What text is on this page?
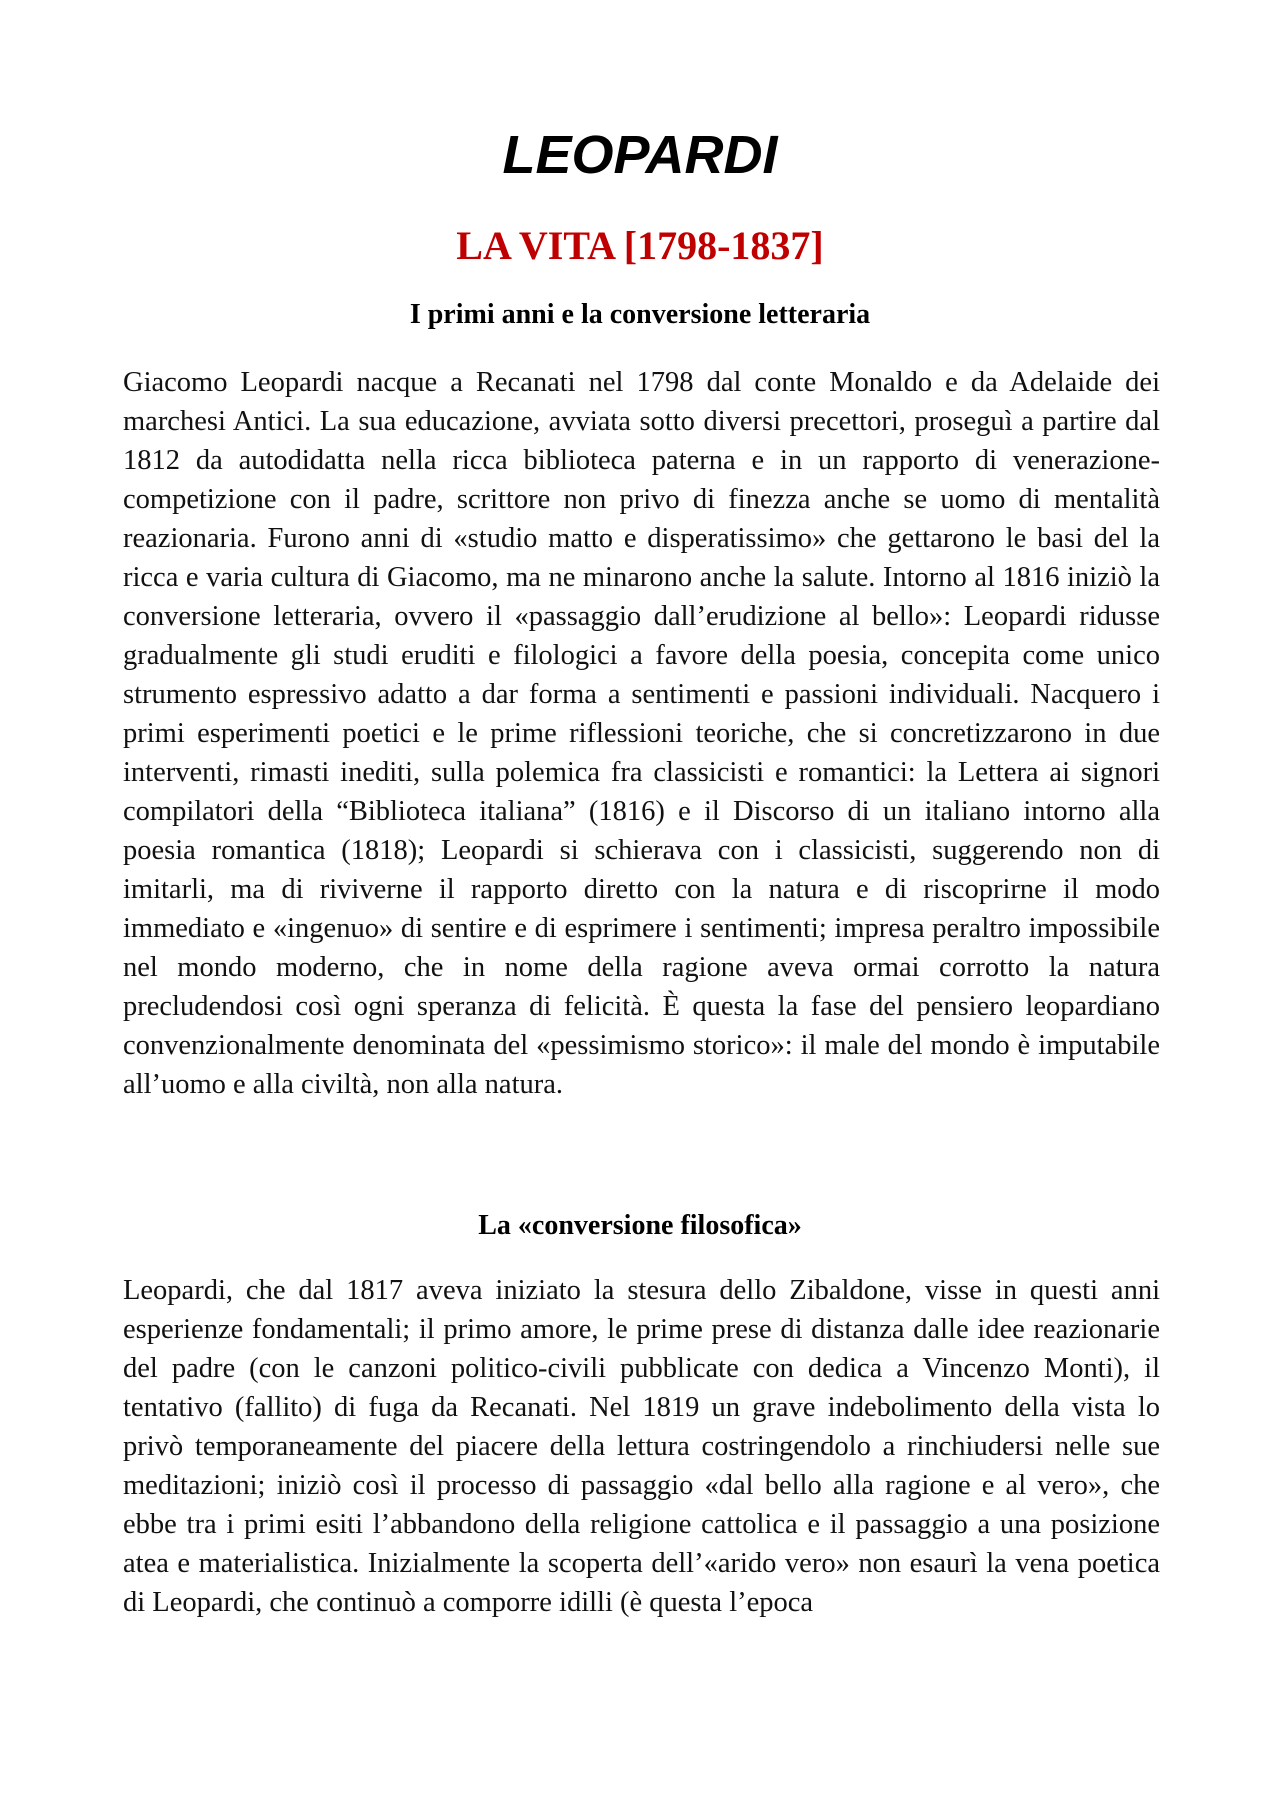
LEOPARDI
LA VITA [1798-1837]
I primi anni e la conversione letteraria

Giacomo Leopardi nacque a Recanati nel 1798 dal conte Monaldo e da Adelaide dei marchesi Antici. La sua educazione, avviata sotto diversi precettori, proseguì a partire dal 1812 da autodidatta nella ricca biblioteca paterna e in un rapporto di venerazione-competizione con il padre, scrittore non privo di finezza anche se uomo di mentalità reazionaria. Furono anni di «studio matto e disperatissimo» che gettarono le basi del la ricca e varia cultura di Giacomo, ma ne minarono anche la salute. Intorno al 1816 iniziò la conversione letteraria, ovvero il «passaggio dall’erudizione al bello»: Leopardi ridusse gradualmente gli studi eruditi e filologici a favore della poesia, concepita come unico strumento espressivo adatto a dar forma a sentimenti e passioni individuali. Nacquero i primi esperimenti poetici e le prime riflessioni teoriche, che si concretizzarono in due interventi, rimasti inediti, sulla polemica fra classicisti e romantici: la Lettera ai signori compilatori della “Biblioteca italiana” (1816) e il Discorso di un italiano intorno alla poesia romantica (1818); Leopardi si schierava con i classicisti, suggerendo non di imitarli, ma di riviverne il rapporto diretto con la natura e di riscoprirne il modo immediato e «ingenuo» di sentire e di esprimere i sentimenti; impresa peraltro impossibile nel mondo moderno, che in nome della ragione aveva ormai corrotto la natura precludendosi così ogni speranza di felicità. È questa la fase del pensiero leopardiano convenzionalmente denominata del «pessimismo storico»: il male del mondo è imputabile all’uomo e alla civiltà, non alla natura.

La «conversione filosofica»

Leopardi, che dal 1817 aveva iniziato la stesura dello Zibaldone, visse in questi anni esperienze fondamentali; il primo amore, le prime prese di distanza dalle idee reazionarie del padre (con le canzoni politico-civili pubblicate con dedica a Vincenzo Monti), il tentativo (fallito) di fuga da Recanati. Nel 1819 un grave indebolimento della vista lo privò temporaneamente del piacere della lettura costringendolo a rinchiudersi nelle sue meditazioni; iniziò così il processo di passaggio «dal bello alla ragione e al vero», che ebbe tra i primi esiti l’abbandono della religione cattolica e il passaggio a una posizione atea e materialistica. Inizialmente la scoperta dell’«arido vero» non esaurì la vena poetica di Leopardi, che continuò a comporre idilli (è questa l’epoca
